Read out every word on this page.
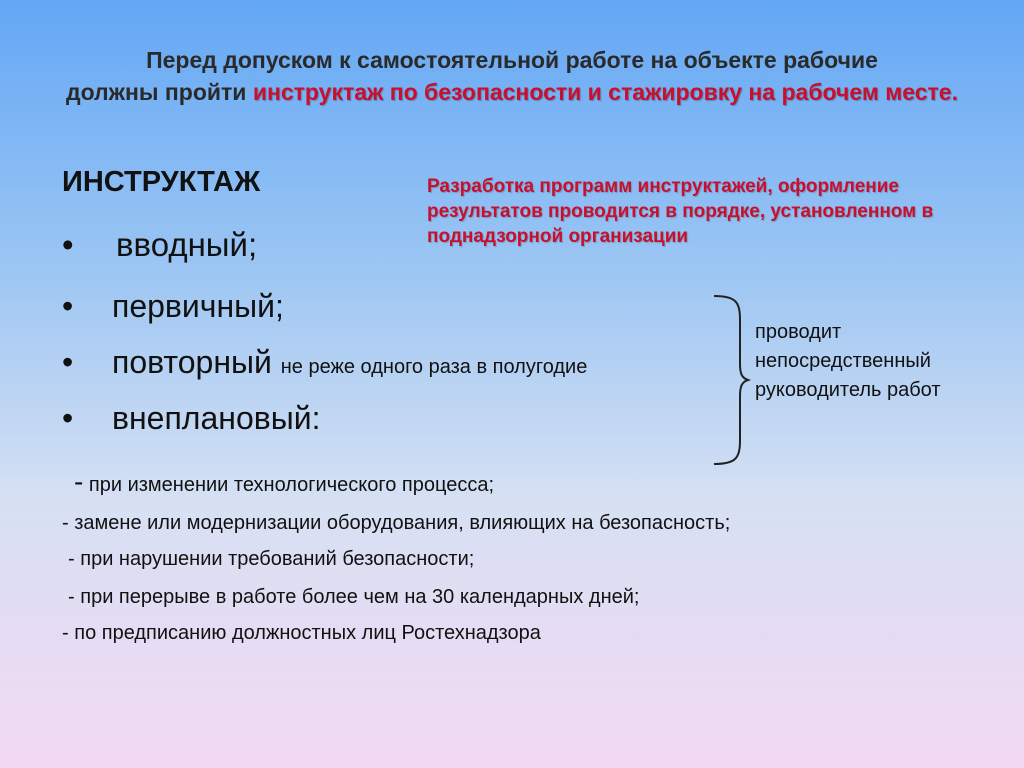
Перед допуском к самостоятельной работе на объекте рабочие
должны пройти инструктаж по безопасности и стажировку на рабочем месте.
ИНСТРУКТАЖ	Разработка программ инструктажей, оформление результатов проводится в порядке, установленном в поднадзорной организации
• вводный;
• первичный;
• повторный не реже одного раза в полугодие
• внеплановый:
проводит
непосредственный
руководитель работ
- при изменении технологического процесса;
- замене или модернизации оборудования, влияющих на безопасность;
- при нарушении требований безопасности;
- при перерыве в работе более чем на 30 календарных дней;
- по предписанию должностных лиц Ростехнадзора
